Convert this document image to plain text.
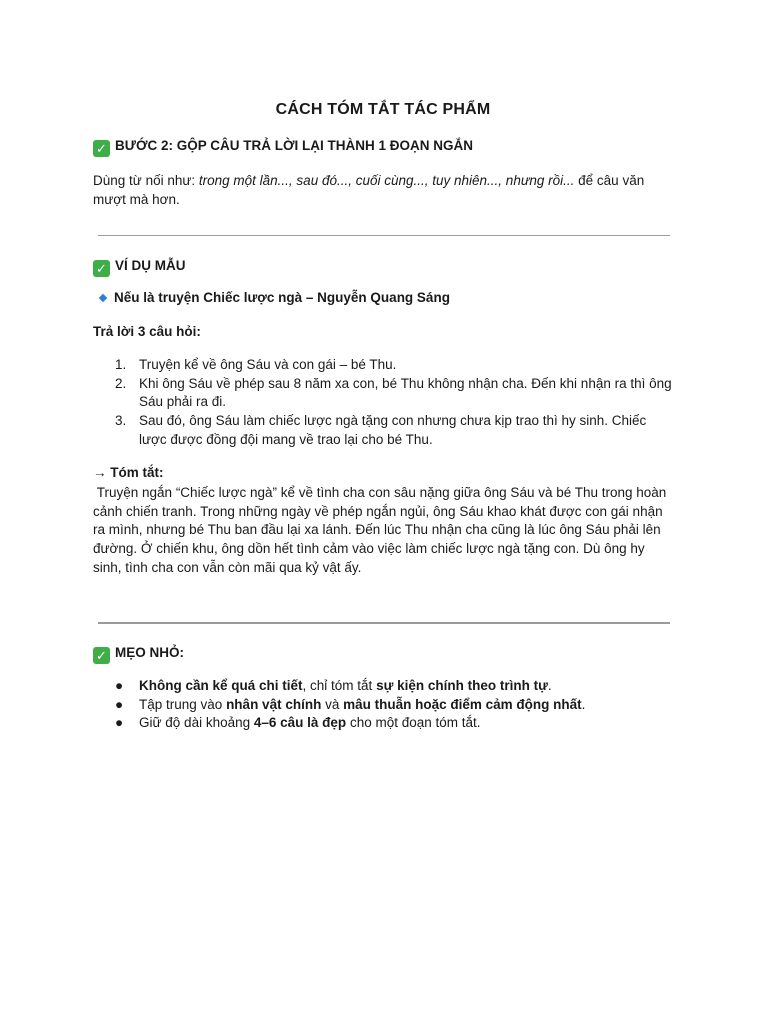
CÁCH TÓM TẮT TÁC PHẨM
✓ BƯỚC 2: GỘP CÂU TRẢ LỜI LẠI THÀNH 1 ĐOẠN NGẮN

Dùng từ nối như: trong một lần..., sau đó..., cuối cùng..., tuy nhiên..., nhưng rồi... để câu văn mượt mà hơn.

✓ VÍ DỤ MẪU
Nếu là truyện Chiếc lược ngà – Nguyễn Quang Sáng
Trả lời 3 câu hỏi:
1. Truyện kể về ông Sáu và con gái – bé Thu.
2. Khi ông Sáu về phép sau 8 năm xa con, bé Thu không nhận cha. Đến khi nhận ra thì ông Sáu phải ra đi.
3. Sau đó, ông Sáu làm chiếc lược ngà tặng con nhưng chưa kịp trao thì hy sinh. Chiếc lược được đồng đội mang về trao lại cho bé Thu.
→ Tóm tắt:

Truyện ngắn “Chiếc lược ngà” kể về tình cha con sâu nặng giữa ông Sáu và bé Thu trong hoàn cảnh chiến tranh. Trong những ngày về phép ngắn ngủi, ông Sáu khao khát được con gái nhận ra mình, nhưng bé Thu ban đầu lại xa lánh. Đến lúc Thu nhận cha cũng là lúc ông Sáu phải lên đường. Ở chiến khu, ông dồn hết tình cảm vào việc làm chiếc lược ngà tặng con. Dù ông hy sinh, tình cha con vẫn còn mãi qua kỷ vật ấy.

✓ MẸO NHỎ:
● Không cần kể quá chi tiết, chỉ tóm tắt sự kiện chính theo trình tự.
● Tập trung vào nhân vật chính và mâu thuẫn hoặc điểm cảm động nhất.
● Giữ độ dài khoảng 4–6 câu là đẹp cho một đoạn tóm tắt.
